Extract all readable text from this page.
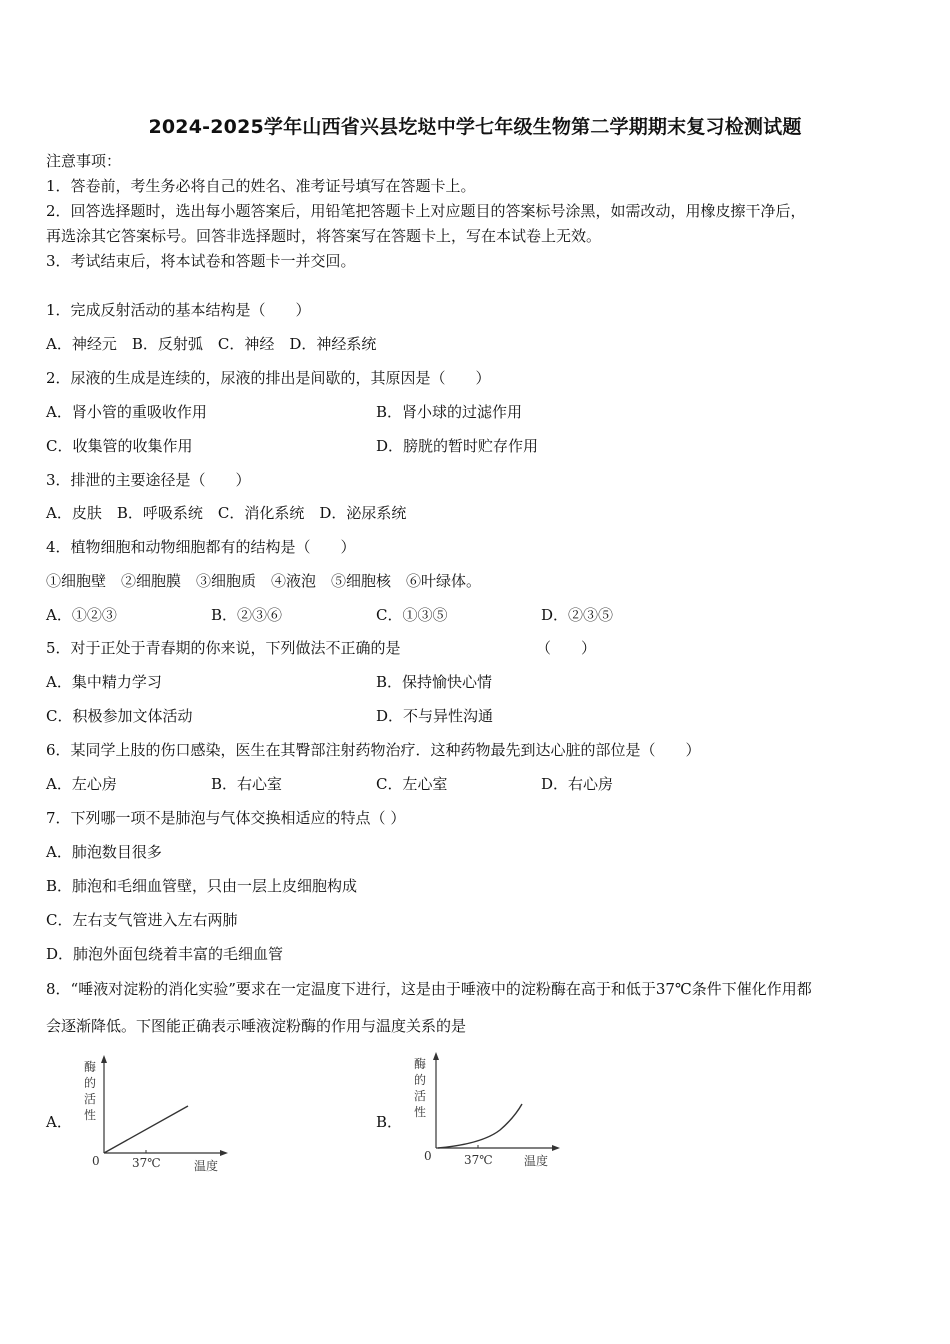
2024-2025学年山西省兴县圪垯中学七年级生物第二学期期末复习检测试题
注意事项：
1．答卷前，考生务必将自己的姓名、准考证号填写在答题卡上。
2．回答选择题时，选出每小题答案后，用铅笔把答题卡上对应题目的答案标号涂黑，如需改动，用橡皮擦干净后，
再选涂其它答案标号。回答非选择题时，将答案写在答题卡上，写在本试卷上无效。
3．考试结束后，将本试卷和答题卡一并交回。
1．完成反射活动的基本结构是（　　）
A．神经元　B．反射弧　C．神经　D．神经系统
2．尿液的生成是连续的，尿液的排出是间歇的，其原因是（　　）
A．肾小管的重吸收作用	B．肾小球的过滤作用
C．收集管的收集作用	D．膀胱的暂时贮存作用
3．排泄的主要途径是（　　）
A．皮肤　B．呼吸系统　C．消化系统　D．泌尿系统
4．植物细胞和动物细胞都有的结构是（　　）
①细胞壁　②细胞膜　③细胞质　④液泡　⑤细胞核　⑥叶绿体。
A．①②③	B．②③⑥	C．①③⑤	D．②③⑤
5．对于正处于青春期的你来说，下列做法不正确的是	（　　）
A．集中精力学习	B．保持愉快心情
C．积极参加文体活动	D．不与异性沟通
6．某同学上肢的伤口感染，医生在其臀部注射药物治疗．这种药物最先到达心脏的部位是（　　）
A．左心房	B．右心室	C．左心室	D．右心房
7．下列哪一项不是肺泡与气体交换相适应的特点（ ）
A．肺泡数目很多
B．肺泡和毛细血管壁，只由一层上皮细胞构成
C．左右支气管进入左右两肺
D．肺泡外面包绕着丰富的毛细血管
8．“唾液对淀粉的消化实验”要求在一定温度下进行，这是由于唾液中的淀粉酶在高于和低于37℃条件下催化作用都
会逐渐降低。下图能正确表示唾液淀粉酶的作用与温度关系的是
A．	B．
酶
的
活
性
0	37℃	温度
酶
的
活
性
0	37℃	温度
